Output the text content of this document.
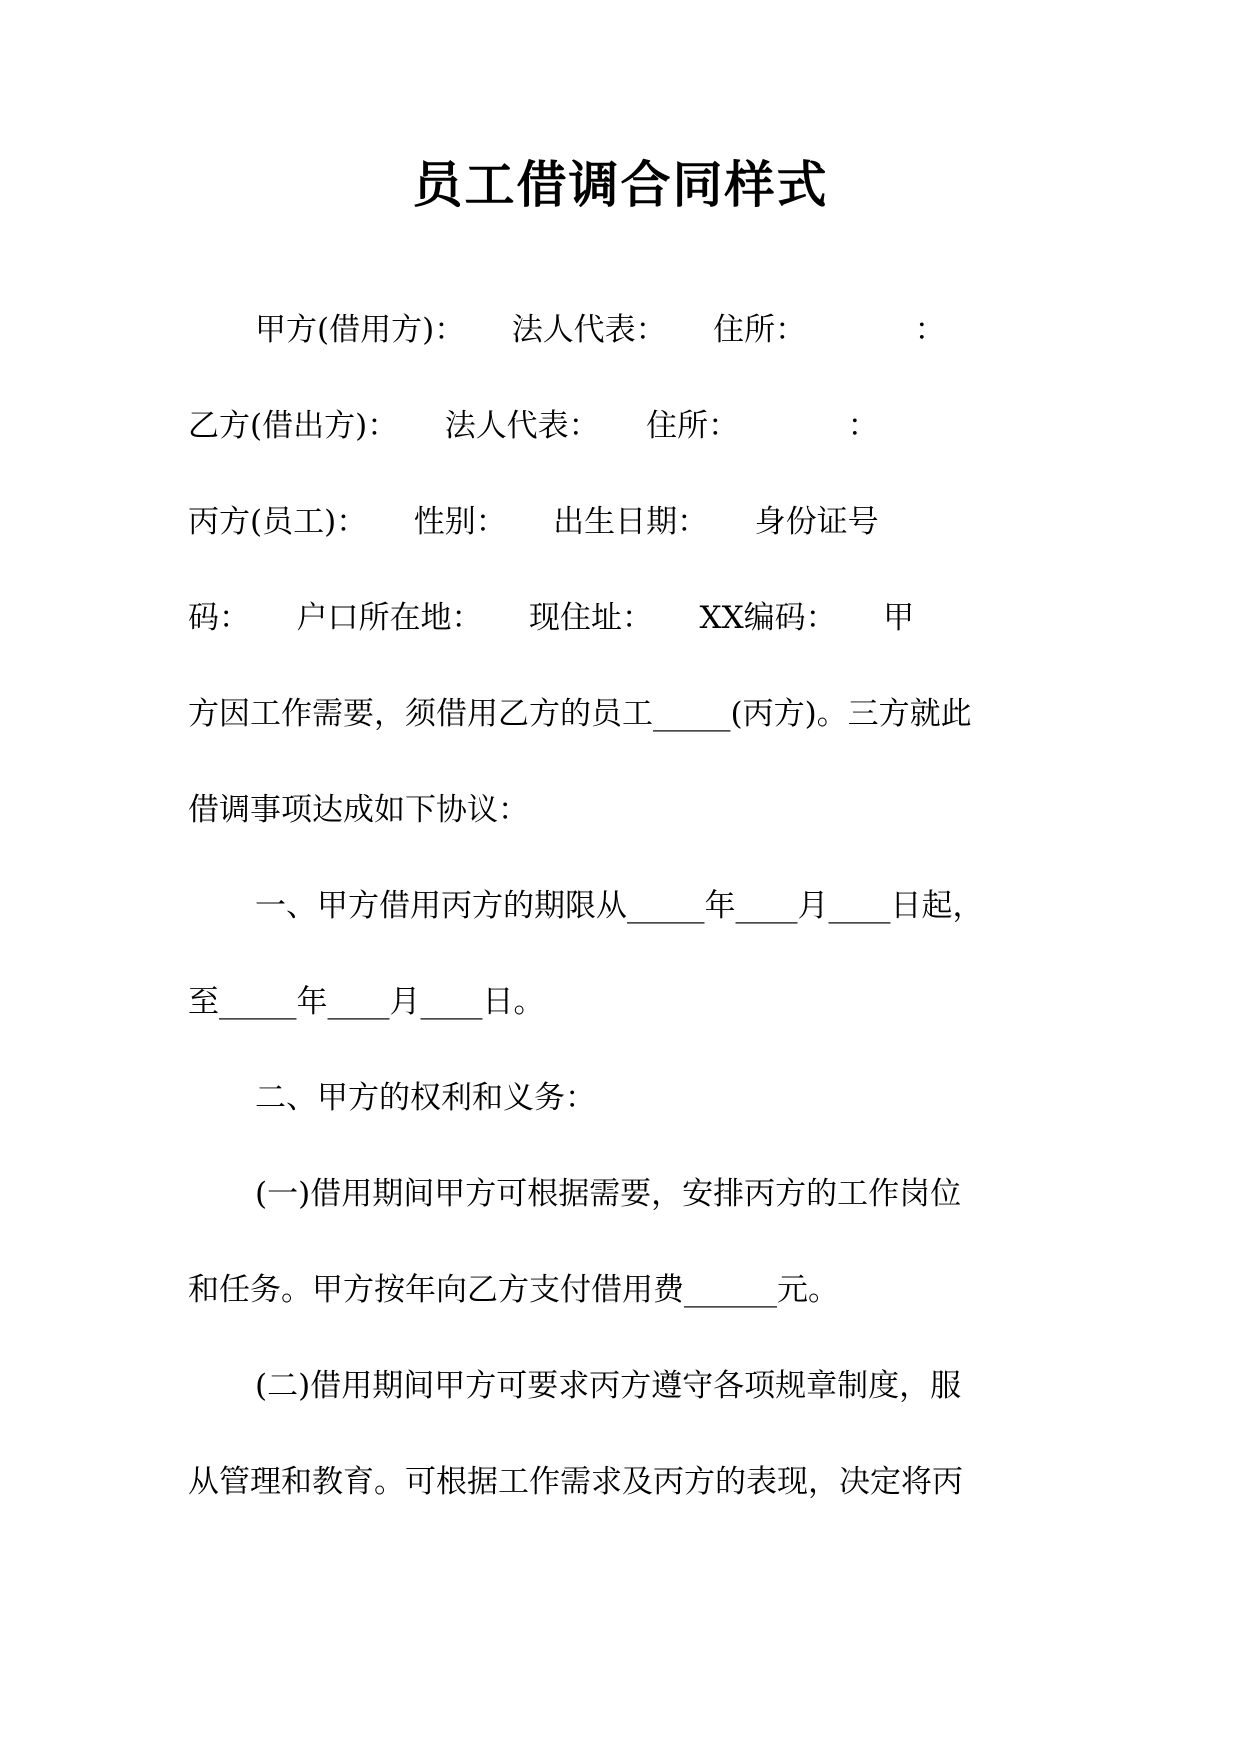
员工借调合同样式
甲方(借用方)：　　法人代表：　　住所：　　　　：
乙方(借出方)：　　法人代表：　　住所：　　　　：
丙方(员工)：　　性别：　　出生日期：　　身份证号
码：　　户口所在地：　　现住址：　　XX编码：　　甲
方因工作需要，须借用乙方的员工_____(丙方)。三方就此
借调事项达成如下协议：
一、甲方借用丙方的期限从_____年____月____日起，
至_____年____月____日。
二、甲方的权利和义务：
(一)借用期间甲方可根据需要，安排丙方的工作岗位
和任务。甲方按年向乙方支付借用费______元。
(二)借用期间甲方可要求丙方遵守各项规章制度，服
从管理和教育。可根据工作需求及丙方的表现，决定将丙
